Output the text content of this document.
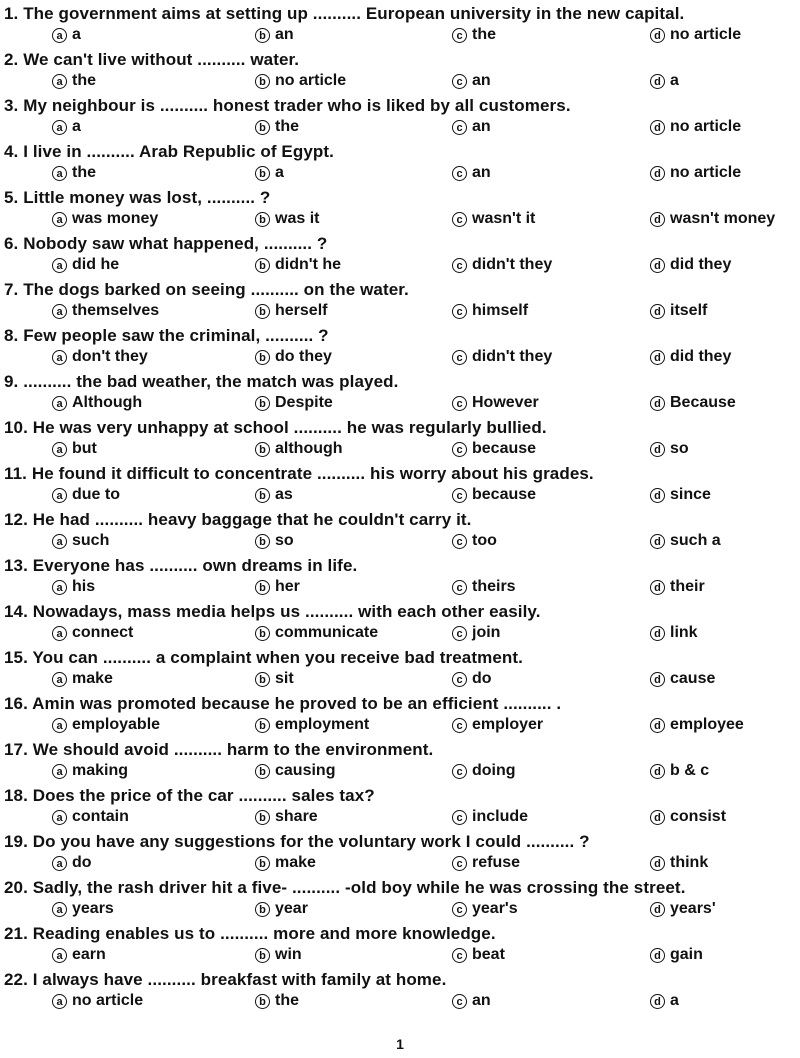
1. The government aims at setting up .......... European university in the new capital.
a a	b an	c the	d no article
2. We can't live without .......... water.
a the	b no article	c an	d a
3. My neighbour is .......... honest trader who is liked by all customers.
a a	b the	c an	d no article
4. I live in .......... Arab Republic of Egypt.
a the	b a	c an	d no article
5. Little money was lost, .......... ?
a was money	b was it	c wasn't it	d wasn't money
6. Nobody saw what happened, .......... ?
a did he	b didn't he	c didn't they	d did they
7. The dogs barked on seeing .......... on the water.
a themselves	b herself	c himself	d itself
8. Few people saw the criminal, .......... ?
a don't they	b do they	c didn't they	d did they
9. .......... the bad weather, the match was played.
a Although	b Despite	c However	d Because
10. He was very unhappy at school .......... he was regularly bullied.
a but	b although	c because	d so
11. He found it difficult to concentrate .......... his worry about his grades.
a due to	b as	c because	d since
12. He had .......... heavy baggage that he couldn't carry it.
a such	b so	c too	d such a
13. Everyone has .......... own dreams in life.
a his	b her	c theirs	d their
14. Nowadays, mass media helps us .......... with each other easily.
a connect	b communicate	c join	d link
15. You can .......... a complaint when you receive bad treatment.
a make	b sit	c do	d cause
16. Amin was promoted because he proved to be an efficient .......... .
a employable	b employment	c employer	d employee
17. We should avoid .......... harm to the environment.
a making	b causing	c doing	d b & c
18. Does the price of the car .......... sales tax?
a contain	b share	c include	d consist
19. Do you have any suggestions for the voluntary work I could .......... ?
a do	b make	c refuse	d think
20. Sadly, the rash driver hit a five- .......... -old boy while he was crossing the street.
a years	b year	c year's	d years'
21. Reading enables us to .......... more and more knowledge.
a earn	b win	c beat	d gain
22. I always have .......... breakfast with family at home.
a no article	b the	c an	d a
1
